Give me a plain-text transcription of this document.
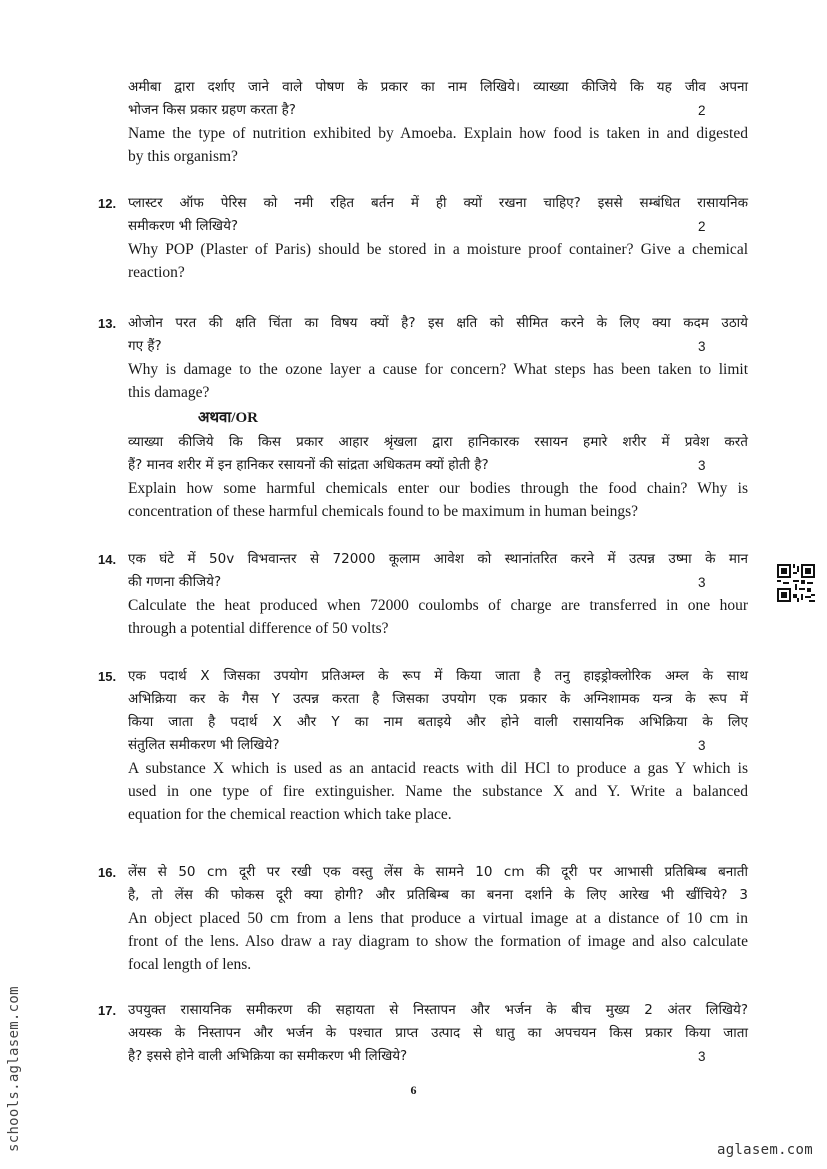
अमीबा द्वारा दर्शाए जाने वाले पोषण के प्रकार का नाम लिखिये। व्याख्या कीजिये कि यह जीव अपना
भोजन किस प्रकार ग्रहण करता है?
Name the type of nutrition exhibited by Amoeba. Explain how food is taken in and digested
by this organism?
2
12. प्लास्टर ऑफ पेरिस को नमी रहित बर्तन में ही क्यों रखना चाहिए? इससे सम्बंधित रासायनिक
समीकरण भी लिखिये?
Why POP (Plaster of Paris) should be stored in a moisture proof container? Give a chemical
reaction?
2
13. ओजोन परत की क्षति चिंता का विषय क्यों है? इस क्षति को सीमित करने के लिए क्या कदम उठाये
गए हैं?
Why is damage to the ozone layer a cause for concern? What steps has been taken to limit
this damage?
3
अथवा/OR
व्याख्या कीजिये कि किस प्रकार आहार श्रृंखला द्वारा हानिकारक रसायन हमारे शरीर में प्रवेश करते
हैं? मानव शरीर में इन हानिकर रसायनों की सांद्रता अधिकतम क्यों होती है?
Explain how some harmful chemicals enter our bodies through the food chain? Why is
concentration of these harmful chemicals found to be maximum in human beings?
3
14. एक घंटे में 50v विभवान्तर से 72000 कूलाम आवेश को स्थानांतरित करने में उत्पन्न उष्मा के मान
की गणना कीजिये?
Calculate the heat produced when 72000 coulombs of charge are transferred in one hour
through a potential difference of 50 volts?
3
15. एक पदार्थ X जिसका उपयोग प्रतिअम्ल के रूप में किया जाता है तनु हाइड्रोक्लोरिक अम्ल के साथ
अभिक्रिया कर के गैस Y उत्पन्न करता है जिसका उपयोग एक प्रकार के अग्निशामक यन्त्र के रूप में
किया जाता है पदार्थ X और Y का नाम बताइये और होने वाली रासायनिक अभिक्रिया के लिए
संतुलित समीकरण भी लिखिये?
A substance X which is used as an antacid reacts with dil HCl to produce a gas Y which is
used in one type of fire extinguisher. Name the substance X and Y. Write a balanced
equation for the chemical reaction which take place.
3
16. लेंस से 50 cm दूरी पर रखी एक वस्तु लेंस के सामने 10 cm की दूरी पर आभासी प्रतिबिम्ब बनाती
है, तो लेंस की फोकस दूरी क्या होगी? और प्रतिबिम्ब का बनना दर्शाने के लिए आरेख भी खींचिये? 3
An object placed 50 cm from a lens that produce a virtual image at a distance of 10 cm in
front of the lens. Also draw a ray diagram to show the formation of image and also calculate
focal length of lens.
17. उपयुक्त रासायनिक समीकरण की सहायता से निस्तापन और भर्जन के बीच मुख्य 2 अंतर लिखिये?
अयस्क के निस्तापन और भर्जन के पश्चात प्राप्त उत्पाद से धातु का अपचयन किस प्रकार किया जाता
है? इससे होने वाली अभिक्रिया का समीकरण भी लिखिये?	3
6
schools.aglasem.com	aglasem.com
